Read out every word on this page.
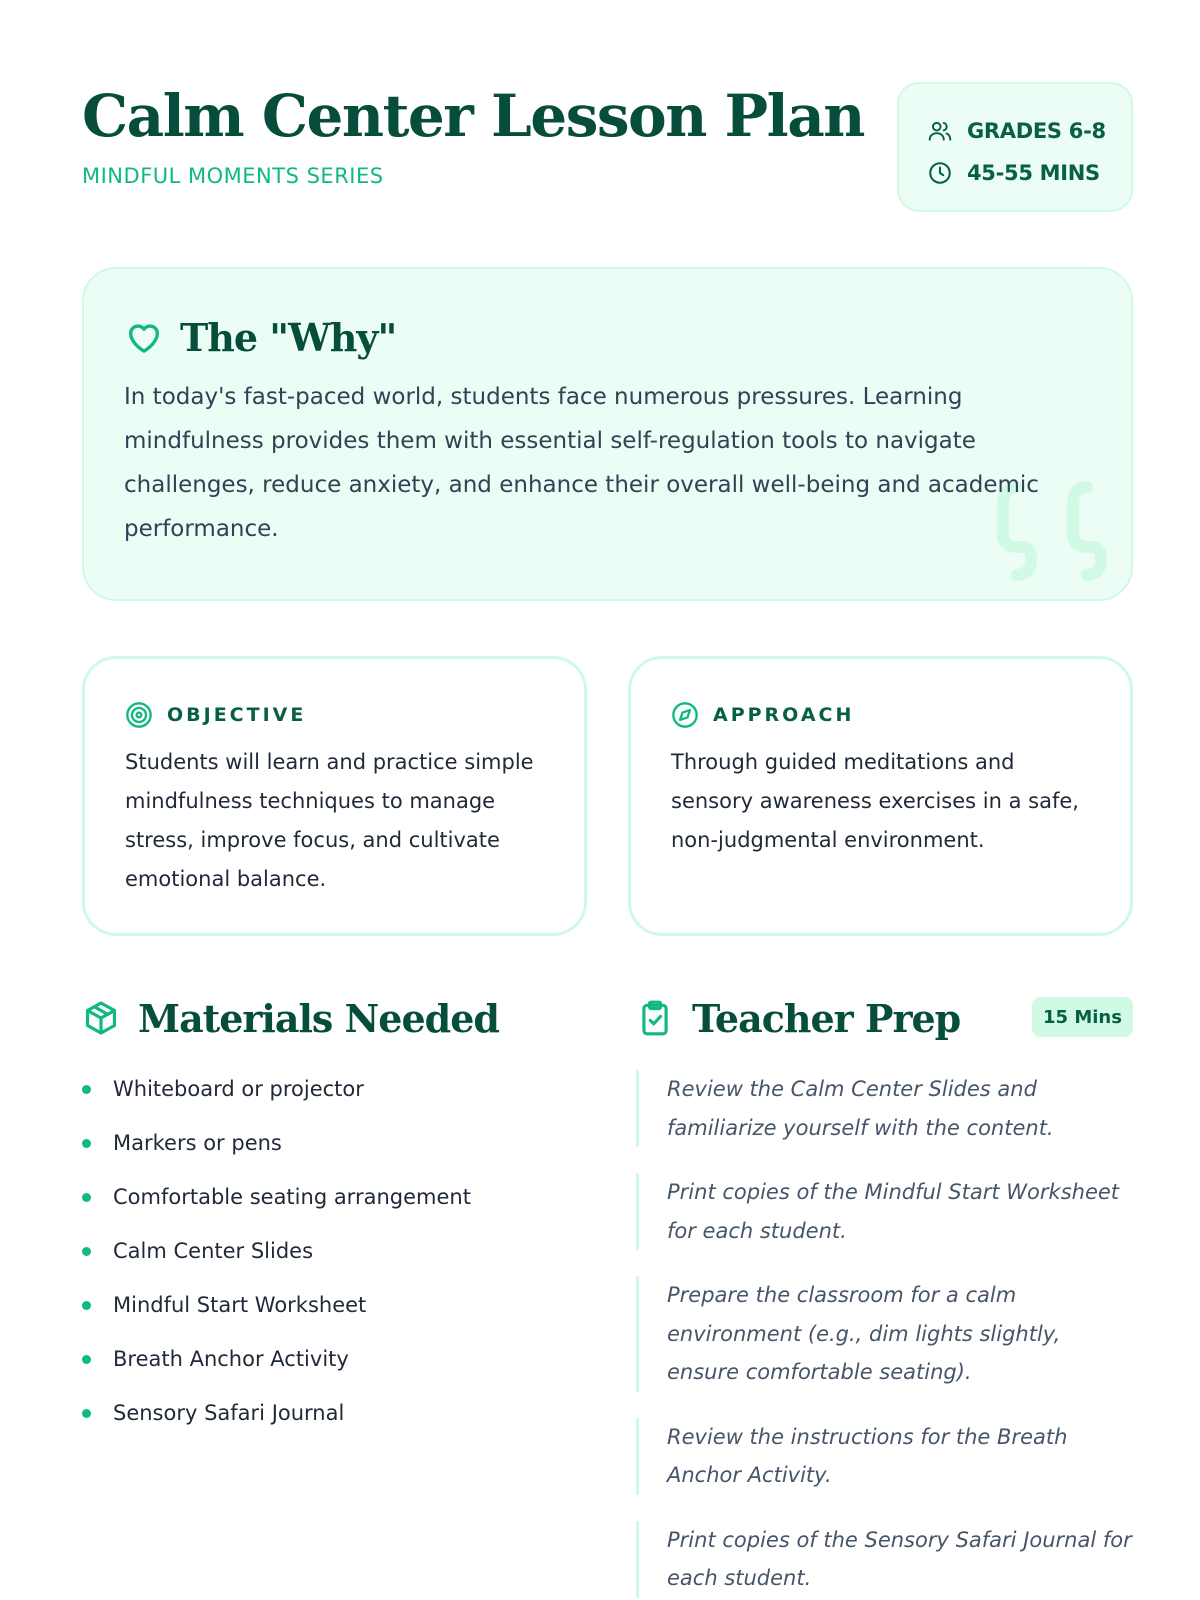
Calm Center Lesson Plan
MINDFUL MOMENTS SERIES
GRADES 6-8
45-55 MINS
The "Why"

In today's fast-paced world, students face numerous pressures. Learning mindfulness provides them with essential self-regulation tools to navigate challenges, reduce anxiety, and enhance their overall well-being and academic performance.

OBJECTIVE

Students will learn and practice simple mindfulness techniques to manage stress, improve focus, and cultivate emotional balance.

APPROACH

Through guided meditations and sensory awareness exercises in a safe, non-judgmental environment.

Materials Needed
Whiteboard or projector
Markers or pens
Comfortable seating arrangement
Calm Center Slides
Mindful Start Worksheet
Breath Anchor Activity
Sensory Safari Journal
Teacher Prep	15 Mins
Review the Calm Center Slides and familiarize yourself with the content.
Print copies of the Mindful Start Worksheet for each student.
Prepare the classroom for a calm environment (e.g., dim lights slightly, ensure comfortable seating).
Review the instructions for the Breath Anchor Activity.
Print copies of the Sensory Safari Journal for each student.
